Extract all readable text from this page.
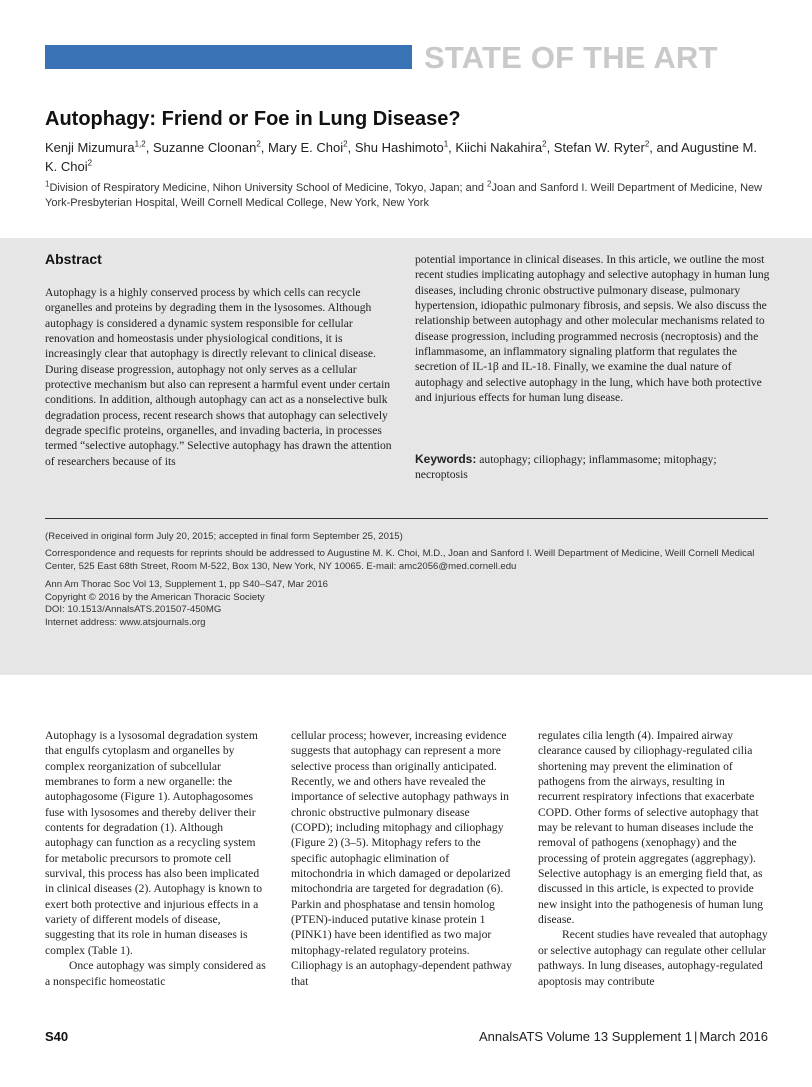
STATE OF THE ART
Autophagy: Friend or Foe in Lung Disease?
Kenji Mizumura$^{1,2}$, Suzanne Cloonan$^2$, Mary E. Choi$^2$, Shu Hashimoto$^1$, Kiichi Nakahira$^2$, Stefan W. Ryter$^2$, and Augustine M. K. Choi$^2$
$^1$Division of Respiratory Medicine, Nihon University School of Medicine, Tokyo, Japan; and $^2$Joan and Sanford I. Weill Department of Medicine, New York-Presbyterian Hospital, Weill Cornell Medical College, New York, New York
Abstract

Autophagy is a highly conserved process by which cells can recycle organelles and proteins by degrading them in the lysosomes. Although autophagy is considered a dynamic system responsible for cellular renovation and homeostasis under physiological conditions, it is increasingly clear that autophagy is directly relevant to clinical disease. During disease progression, autophagy not only serves as a cellular protective mechanism but also can represent a harmful event under certain conditions. In addition, although autophagy can act as a nonselective bulk degradation process, recent research shows that autophagy can selectively degrade specific proteins, organelles, and invading bacteria, in processes termed “selective autophagy.” Selective autophagy has drawn the attention of researchers because of its

potential importance in clinical diseases. In this article, we outline the most recent studies implicating autophagy and selective autophagy in human lung diseases, including chronic obstructive pulmonary disease, pulmonary hypertension, idiopathic pulmonary fibrosis, and sepsis. We also discuss the relationship between autophagy and other molecular mechanisms related to disease progression, including programmed necrosis (necroptosis) and the inflammasome, an inflammatory signaling platform that regulates the secretion of IL-1β and IL-18. Finally, we examine the dual nature of autophagy and selective autophagy in the lung, which have both protective and injurious effects for human lung disease.

Keywords: autophagy; ciliophagy; inflammasome; mitophagy; necroptosis

(Received in original form July 20, 2015; accepted in final form September 25, 2015)

Correspondence and requests for reprints should be addressed to Augustine M. K. Choi, M.D., Joan and Sanford I. Weill Department of Medicine, Weill Cornell Medical Center, 525 East 68th Street, Room M-522, Box 130, New York, NY 10065. E-mail: amc2056@med.cornell.edu

Ann Am Thorac Soc Vol 13, Supplement 1, pp S40–S47, Mar 2016
Copyright © 2016 by the American Thoracic Society
DOI: 10.1513/AnnalsATS.201507-450MG
Internet address: www.atsjournals.org

Autophagy is a lysosomal degradation system that engulfs cytoplasm and organelles by complex reorganization of subcellular membranes to form a new organelle: the autophagosome (Figure 1). Autophagosomes fuse with lysosomes and thereby deliver their contents for degradation (1). Although autophagy can function as a recycling system for metabolic precursors to promote cell survival, this process has also been implicated in clinical diseases (2). Autophagy is known to exert both protective and injurious effects in a variety of different models of disease, suggesting that its role in human diseases is complex (Table 1).

Once autophagy was simply considered as a nonspecific homeostatic

cellular process; however, increasing evidence suggests that autophagy can represent a more selective process than originally anticipated. Recently, we and others have revealed the importance of selective autophagy pathways in chronic obstructive pulmonary disease (COPD); including mitophagy and ciliophagy (Figure 2) (3–5). Mitophagy refers to the specific autophagic elimination of mitochondria in which damaged or depolarized mitochondria are targeted for degradation (6). Parkin and phosphatase and tensin homolog (PTEN)-induced putative kinase protein 1 (PINK1) have been identified as two major mitophagy-related regulatory proteins. Ciliophagy is an autophagy-dependent pathway that

regulates cilia length (4). Impaired airway clearance caused by ciliophagy-regulated cilia shortening may prevent the elimination of pathogens from the airways, resulting in recurrent respiratory infections that exacerbate COPD. Other forms of selective autophagy that may be relevant to human diseases include the removal of pathogens (xenophagy) and the processing of protein aggregates (aggrephagy). Selective autophagy is an emerging field that, as discussed in this article, is expected to provide new insight into the pathogenesis of human lung disease.

Recent studies have revealed that autophagy or selective autophagy can regulate other cellular pathways. In lung diseases, autophagy-regulated apoptosis may contribute

S40	AnnalsATS Volume 13 Supplement 1 | March 2016
